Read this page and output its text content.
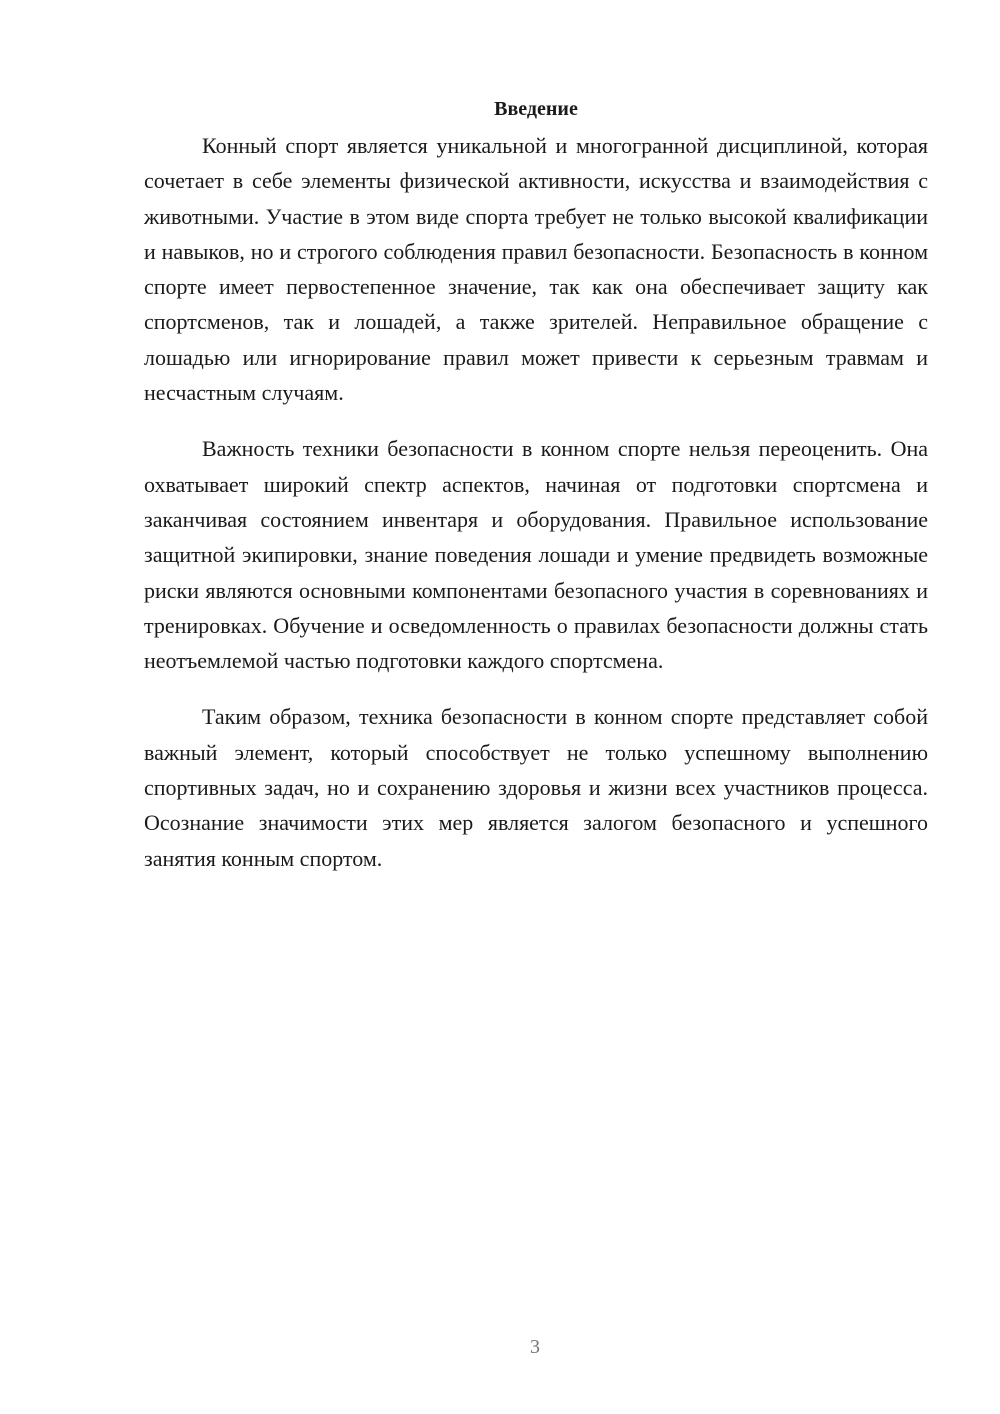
Введение

Конный спорт является уникальной и многогранной дисциплиной, которая сочетает в себе элементы физической активности, искусства и взаимодействия с животными. Участие в этом виде спорта требует не только высокой квалификации и навыков, но и строгого соблюдения правил безопасности. Безопасность в конном спорте имеет первостепенное значение, так как она обеспечивает защиту как спортсменов, так и лошадей, а также зрителей. Неправильное обращение с лошадью или игнорирование правил может привести к серьезным травмам и несчастным случаям.

Важность техники безопасности в конном спорте нельзя переоценить. Она охватывает широкий спектр аспектов, начиная от подготовки спортсмена и заканчивая состоянием инвентаря и оборудования. Правильное использование защитной экипировки, знание поведения лошади и умение предвидеть возможные риски являются основными компонентами безопасного участия в соревнованиях и тренировках. Обучение и осведомленность о правилах безопасности должны стать неотъемлемой частью подготовки каждого спортсмена.

Таким образом, техника безопасности в конном спорте представляет собой важный элемент, который способствует не только успешному выполнению спортивных задач, но и сохранению здоровья и жизни всех участников процесса. Осознание значимости этих мер является залогом безопасного и успешного занятия конным спортом.

3
